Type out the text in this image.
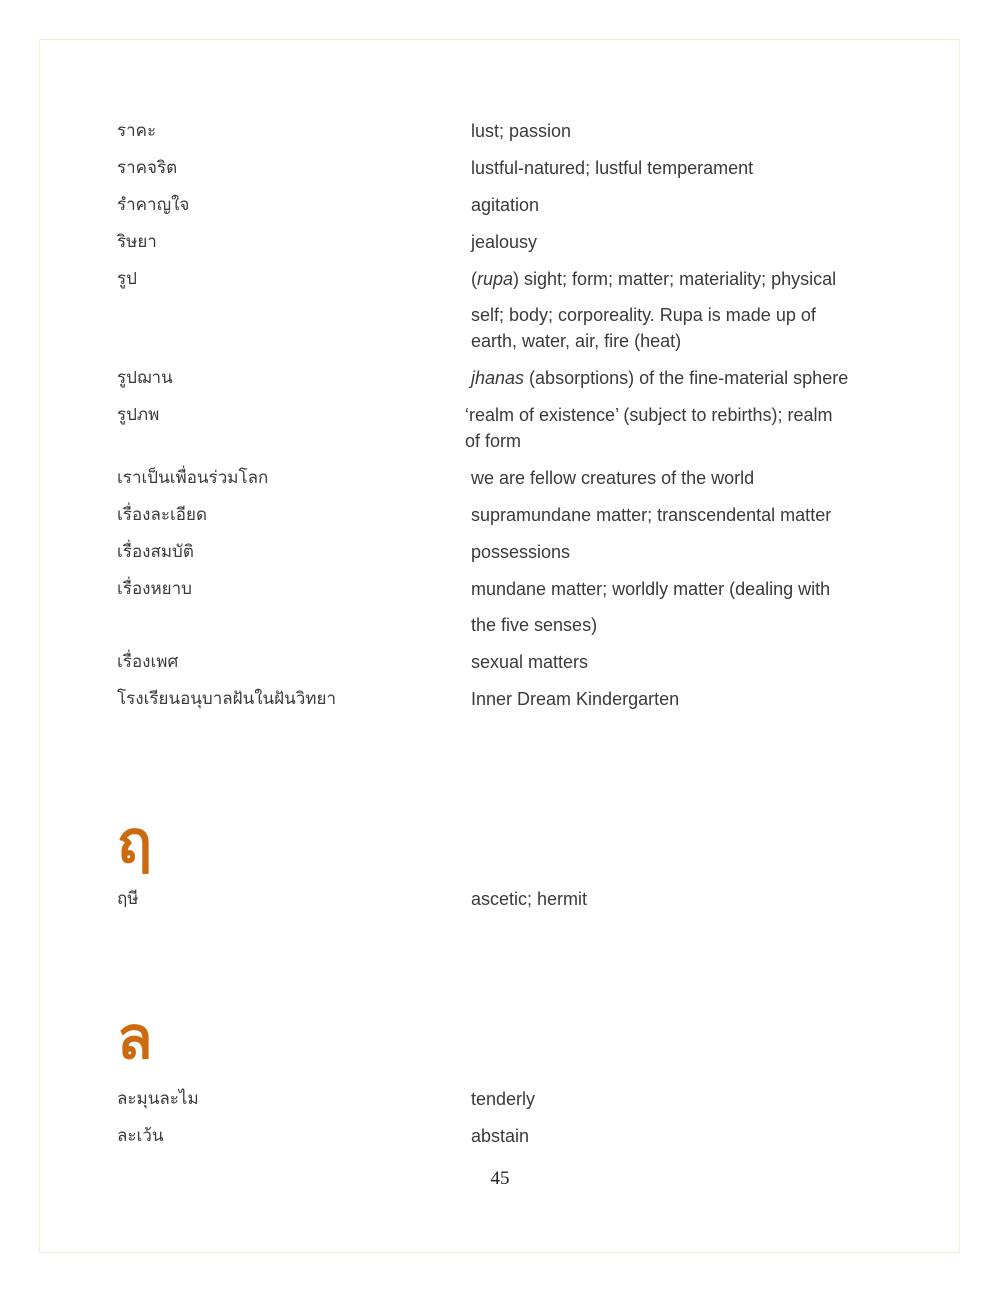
ราคะ	lust; passion
ราคจริต	lustful-natured; lustful temperament
รำคาญใจ	agitation
ริษยา	jealousy
รูป	(rupa) sight; form; matter; materiality; physical
self; body; corporeality. Rupa is made up of
earth, water, air, fire (heat)
รูปฌาน	jhanas (absorptions) of the fine-material sphere
รูปภพ	‘realm of existence’ (subject to rebirths); realm
of form
เราเป็นเพื่อนร่วมโลก	we are fellow creatures of the world
เรื่องละเอียด	supramundane matter; transcendental matter
เรื่องสมบัติ	possessions
เรื่องหยาบ	mundane matter; worldly matter (dealing with
the five senses)
เรื่องเพศ	sexual matters
โรงเรียนอนุบาลฝันในฝันวิทยา	Inner Dream Kindergarten
ฤ
ฤษี	ascetic; hermit
ล
ละมุนละไม	tenderly
ละเว้น	abstain
45
